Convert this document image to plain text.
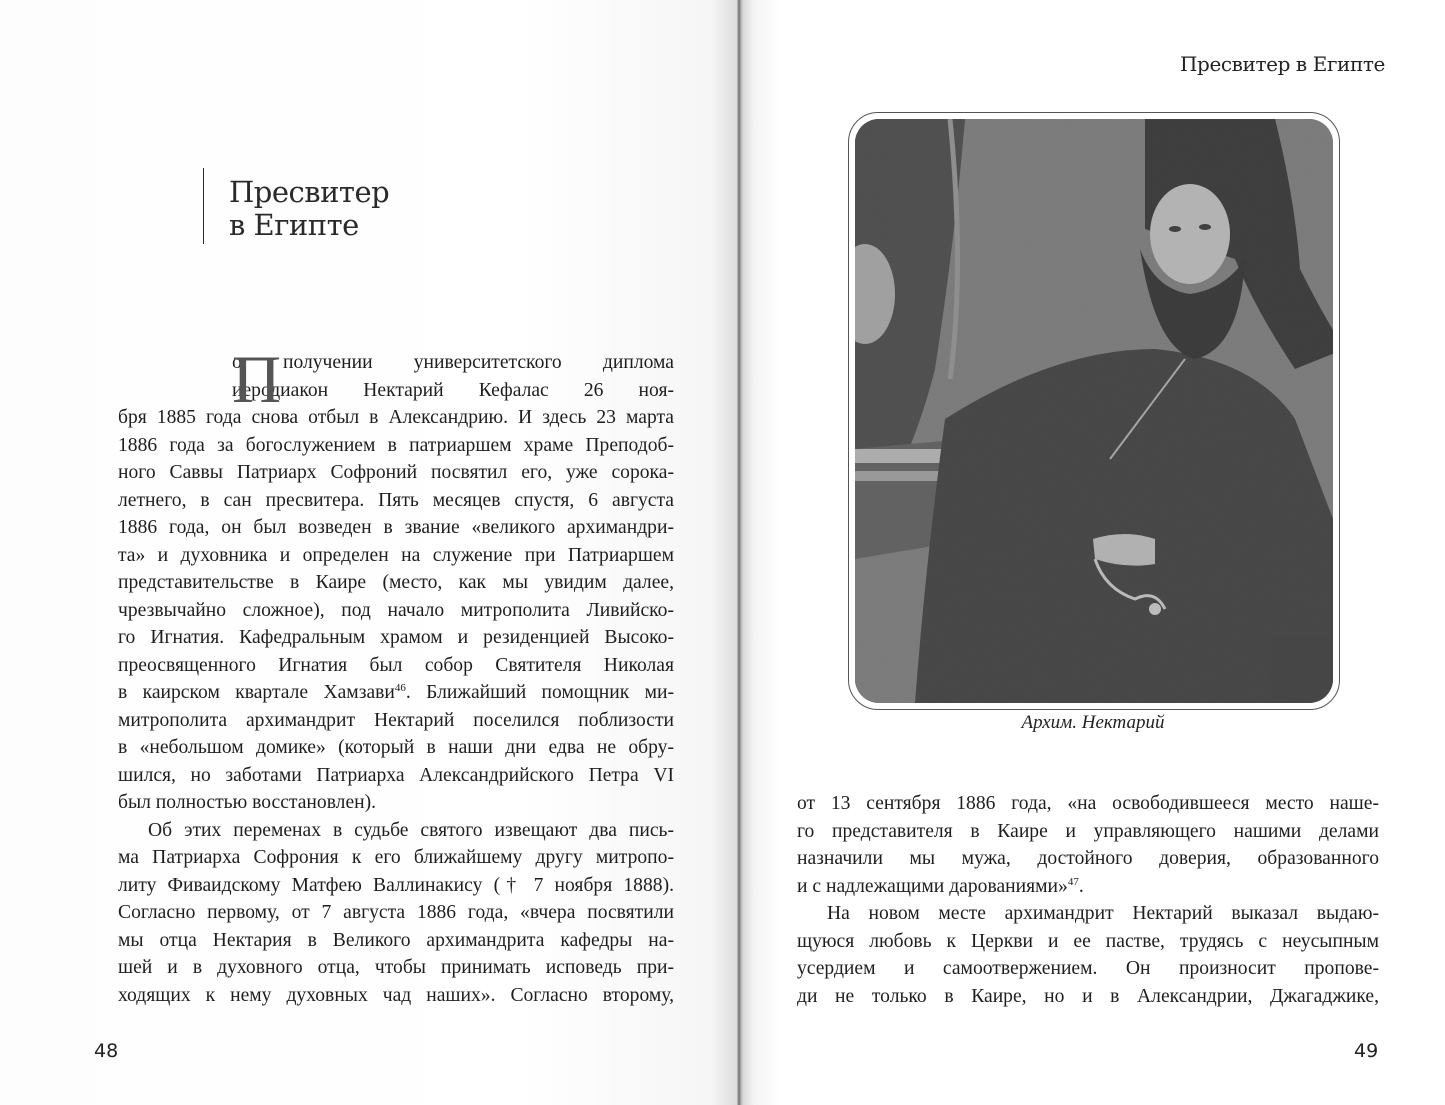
Пресвитер
в Египте
П
о получении университетского диплома
иеродиакон Нектарий Кефалас 26 ноя-
бря 1885 года снова отбыл в Александрию. И здесь 23 марта
1886 года за богослужением в патриаршем храме Преподоб-
ного Саввы Патриарх Софроний посвятил его, уже сорока-
летнего, в сан пресвитера. Пять месяцев спустя, 6 августа
1886 года, он был возведен в звание «великого архимандри-
та» и духовника и определен на служение при Патриаршем
представительстве в Каире (место, как мы увидим далее,
чрезвычайно сложное), под начало митрополита Ливийско-
го Игнатия. Кафедральным храмом и резиденцией Высоко-
преосвященного Игнатия был собор Святителя Николая
в каирском квартале Хамзави$^{46}$. Ближайший помощник ми-
митрополита архимандрит Нектарий поселился поблизости
в «небольшом домике» (который в наши дни едва не обру-
шился, но заботами Патриарха Александрийского Петра VI
был полностью восстановлен).
Об этих переменах в судьбе святого извещают два пись-
ма Патриарха Софрония к его ближайшему другу митропо-
литу Фиваидскому Матфею Валлинакису († 7 ноября 1888).
Согласно первому, от 7 августа 1886 года, «вчера посвятили
мы отца Нектария в Великого архимандрита кафедры на-
шей и в духовного отца, чтобы принимать исповедь при-
ходящих к нему духовных чад наших». Согласно второму,
48
Пресвитер в Египте
Архим. Нектарий
от 13 сентября 1886 года, «на освободившееся место наше-
го представителя в Каире и управляющего нашими делами
назначили мы мужа, достойного доверия, образованного
и с надлежащими дарованиями»$^{47}$.
На новом месте архимандрит Нектарий выказал выдаю-
щуюся любовь к Церкви и ее пастве, трудясь с неусыпным
усердием и самоотвержением. Он произносит пропове-
ди не только в Каире, но и в Александрии, Джагаджике,
49
